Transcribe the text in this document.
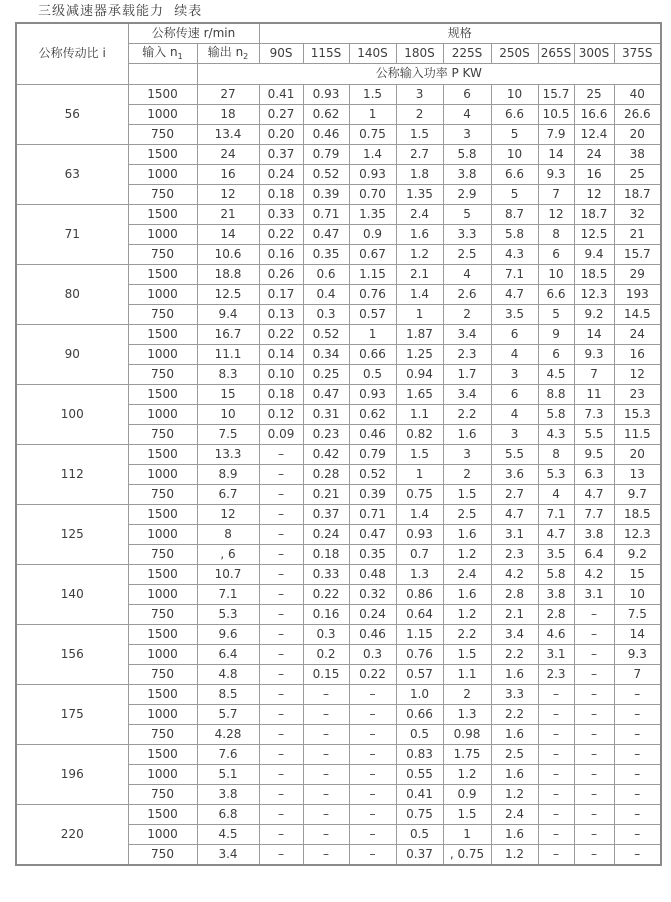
三级减速器承载能力  续表
公称传动比 i	公称传速 r/min		规格								
	输入 $n_1$	输出 $n_2$	90S	115S	140S	180S	225S	250S	265S	300S	375S
		公称输入功率 P KW									
56	1500	27	0.41	0.93	1.5	3	6	10	15.7	25	40
	1000	18	0.27	0.62	1	2	4	6.6	10.5	16.6	26.6
	750	13.4	0.20	0.46	0.75	1.5	3	5	7.9	12.4	20
63	1500	24	0.37	0.79	1.4	2.7	5.8	10	14	24	38
	1000	16	0.24	0.52	0.93	1.8	3.8	6.6	9.3	16	25
	750	12	0.18	0.39	0.70	1.35	2.9	5	7	12	18.7
71	1500	21	0.33	0.71	1.35	2.4	5	8.7	12	18.7	32
	1000	14	0.22	0.47	0.9	1.6	3.3	5.8	8	12.5	21
	750	10.6	0.16	0.35	0.67	1.2	2.5	4.3	6	9.4	15.7
80	1500	18.8	0.26	0.6	1.15	2.1	4	7.1	10	18.5	29
	1000	12.5	0.17	0.4	0.76	1.4	2.6	4.7	6.6	12.3	193
	750	9.4	0.13	0.3	0.57	1	2	3.5	5	9.2	14.5
90	1500	16.7	0.22	0.52	1	1.87	3.4	6	9	14	24
	1000	11.1	0.14	0.34	0.66	1.25	2.3	4	6	9.3	16
	750	8.3	0.10	0.25	0.5	0.94	1.7	3	4.5	7	12
100	1500	15	0.18	0.47	0.93	1.65	3.4	6	8.8	11	23
	1000	10	0.12	0.31	0.62	1.1	2.2	4	5.8	7.3	15.3
	750	7.5	0.09	0.23	0.46	0.82	1.6	3	4.3	5.5	11.5
112	1500	13.3	–	0.42	0.79	1.5	3	5.5	8	9.5	20
	1000	8.9	–	0.28	0.52	1	2	3.6	5.3	6.3	13
	750	6.7	–	0.21	0.39	0.75	1.5	2.7	4	4.7	9.7
125	1500	12	–	0.37	0.71	1.4	2.5	4.7	7.1	7.7	18.5
	1000	8	–	0.24	0.47	0.93	1.6	3.1	4.7	3.8	12.3
	750	, 6	–	0.18	0.35	0.7	1.2	2.3	3.5	6.4	9.2
140	1500	10.7	–	0.33	0.48	1.3	2.4	4.2	5.8	4.2	15
	1000	7.1	–	0.22	0.32	0.86	1.6	2.8	3.8	3.1	10
	750	5.3	–	0.16	0.24	0.64	1.2	2.1	2.8	–	7.5
156	1500	9.6	–	0.3	0.46	1.15	2.2	3.4	4.6	–	14
	1000	6.4	–	0.2	0.3	0.76	1.5	2.2	3.1	–	9.3
	750	4.8	–	0.15	0.22	0.57	1.1	1.6	2.3	–	7
175	1500	8.5	–	–	–	1.0	2	3.3	–	–	–
	1000	5.7	–	–	–	0.66	1.3	2.2	–	–	–
	750	4.28	–	–	–	0.5	0.98	1.6	–	–	–
196	1500	7.6	–	–	–	0.83	1.75	2.5	–	–	–
	1000	5.1	–	–	–	0.55	1.2	1.6	–	–	–
	750	3.8	–	–	–	0.41	0.9	1.2	–	–	–
220	1500	6.8	–	–	–	0.75	1.5	2.4	–	–	–
	1000	4.5	–	–	–	0.5	1	1.6	–	–	–
	750	3.4	–	–	–	0.37	, 0.75	1.2	–	–	–
